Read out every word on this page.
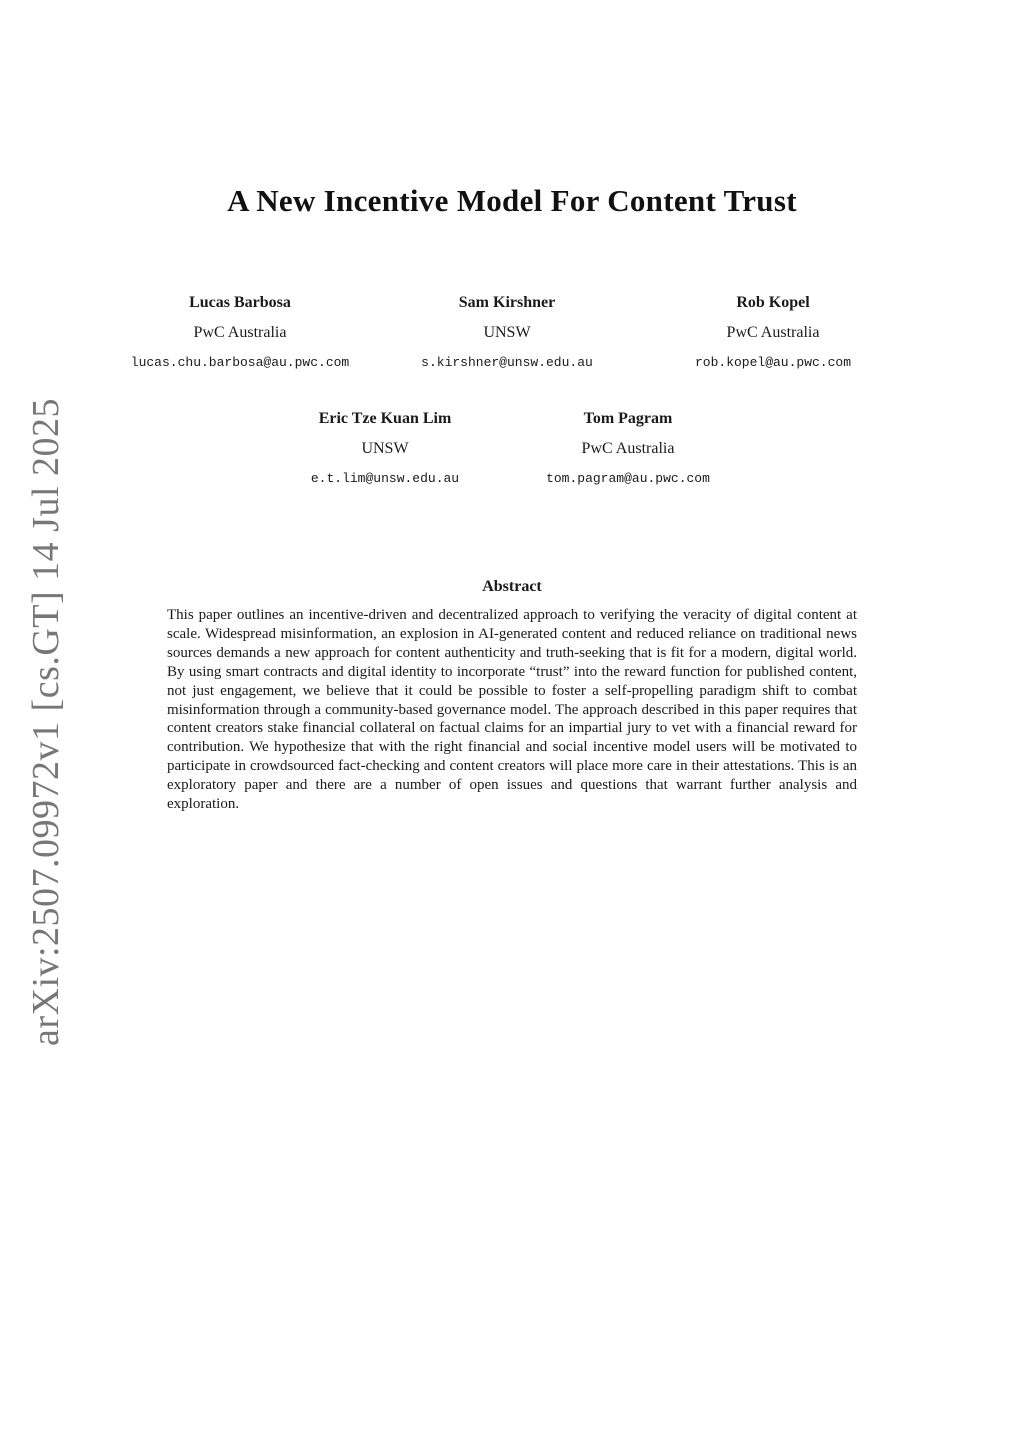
arXiv:2507.09972v1 [cs.GT] 14 Jul 2025
A New Incentive Model For Content Trust
Lucas Barbosa
PwC Australia
lucas.chu.barbosa@au.pwc.com
Sam Kirshner
UNSW
s.kirshner@unsw.edu.au
Rob Kopel
PwC Australia
rob.kopel@au.pwc.com
Eric Tze Kuan Lim
UNSW
e.t.lim@unsw.edu.au
Tom Pagram
PwC Australia
tom.pagram@au.pwc.com
Abstract

This paper outlines an incentive-driven and decentralized approach to verifying the veracity of digital content at scale. Widespread misinformation, an explosion in AI-generated content and reduced reliance on traditional news sources demands a new approach for content authenticity and truth-seeking that is fit for a modern, digital world. By using smart contracts and digital identity to incorporate “trust” into the reward function for published content, not just engagement, we believe that it could be possible to foster a self-propelling paradigm shift to combat misinformation through a community-based governance model. The approach described in this paper requires that content creators stake financial collateral on factual claims for an impartial jury to vet with a financial reward for contribution. We hypothesize that with the right financial and social incentive model users will be motivated to participate in crowdsourced fact-checking and content creators will place more care in their attestations. This is an exploratory paper and there are a number of open issues and questions that warrant further analysis and exploration.
